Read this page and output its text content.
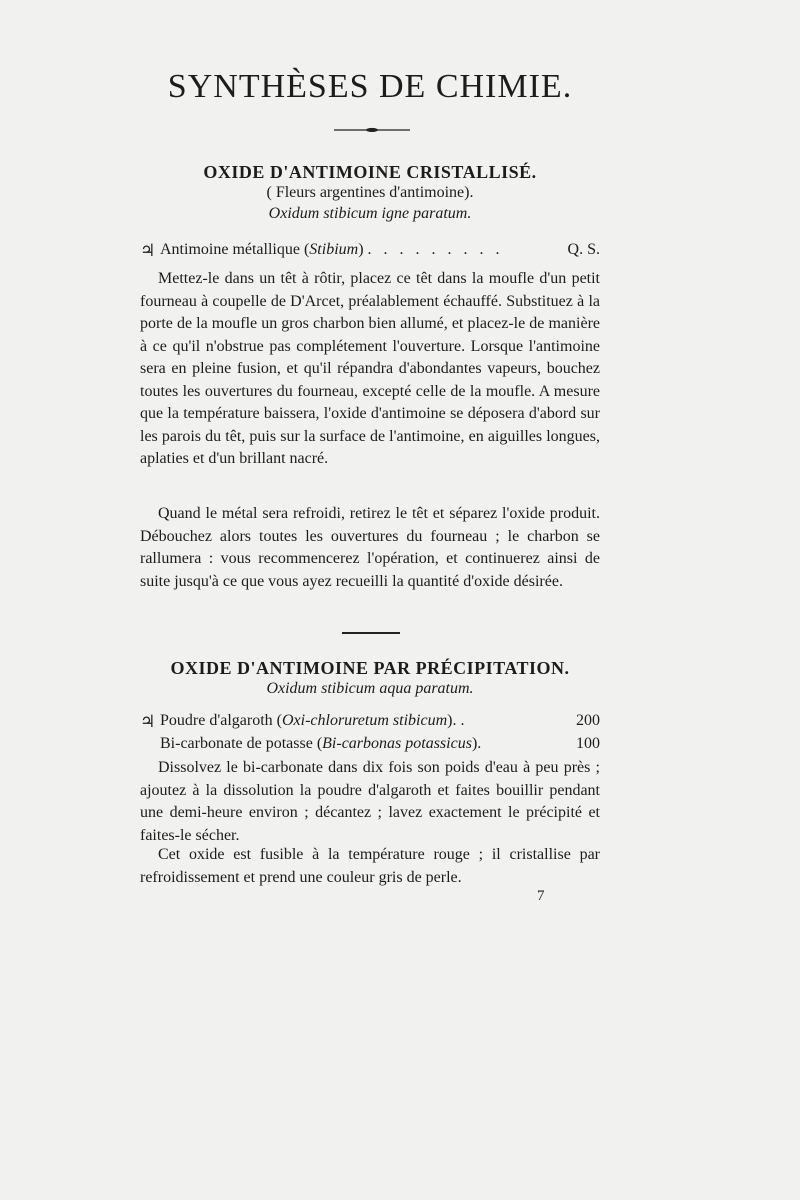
SYNTHÈSES DE CHIMIE.
OXIDE D'ANTIMOINE CRISTALLISÉ.
( Fleurs argentines d'antimoine).
Oxidum stibicum igne paratum.
♃ Antimoine métallique (Stibium) . . . . . . . . .	Q. S.

Mettez-le dans un têt à rôtir, placez ce têt dans la moufle d'un petit fourneau à coupelle de D'Arcet, préalablement échauffé. Substituez à la porte de la moufle un gros charbon bien allumé, et placez-le de manière à ce qu'il n'obstrue pas complétement l'ouverture. Lorsque l'antimoine sera en pleine fusion, et qu'il répandra d'abondantes vapeurs, bouchez toutes les ouvertures du fourneau, excepté celle de la moufle. A mesure que la température baissera, l'oxide d'antimoine se déposera d'abord sur les parois du têt, puis sur la surface de l'antimoine, en aiguilles longues, aplaties et d'un brillant nacré.

Quand le métal sera refroidi, retirez le têt et séparez l'oxide produit. Débouchez alors toutes les ouvertures du fourneau ; le charbon se rallumera : vous recommencerez l'opération, et continuerez ainsi de suite jusqu'à ce que vous ayez recueilli la quantité d'oxide désirée.

OXIDE D'ANTIMOINE PAR PRÉCIPITATION.
Oxidum stibicum aqua paratum.
♃ Poudre d'algaroth (Oxi-chloruretum stibicum). .	200
Bi-carbonate de potasse (Bi-carbonas potassicus).	100

Dissolvez le bi-carbonate dans dix fois son poids d'eau à peu près ; ajoutez à la dissolution la poudre d'algaroth et faites bouillir pendant une demi-heure environ ; décantez ; lavez exactement le précipité et faites-le sécher.

Cet oxide est fusible à la température rouge ; il cristallise par refroidissement et prend une couleur gris de perle.

7
